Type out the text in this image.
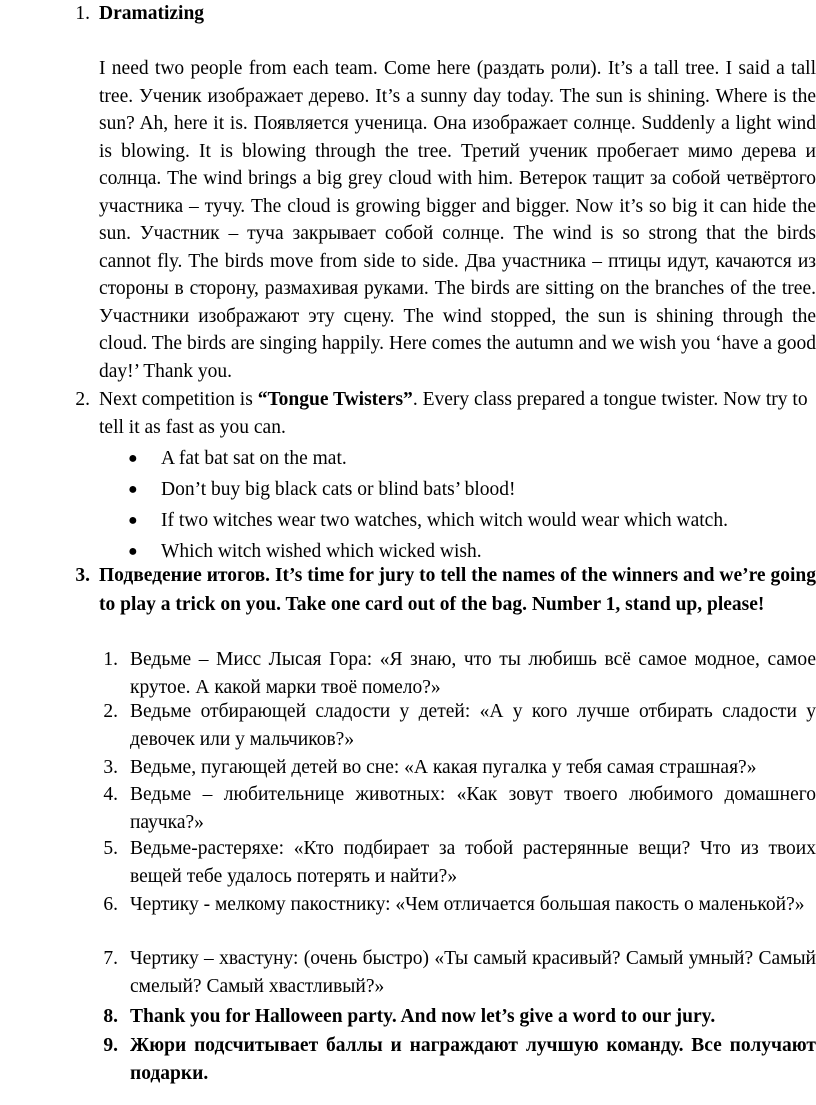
1. Dramatizing
I need two people from each team. Come here (раздать роли). It’s a tall tree. I said a tall tree. Ученик изображает дерево. It’s a sunny day today. The sun is shining. Where is the sun? Ah, here it is. Появляется ученица. Она изображает солнце. Suddenly a light wind is blowing. It is blowing through the tree. Третий ученик пробегает мимо дерева и солнца. The wind brings a big grey cloud with him. Ветерок тащит за собой четвёртого участника – тучу. The cloud is growing bigger and bigger. Now it’s so big it can hide the sun. Участник – туча закрывает собой солнце. The wind is so strong that the birds cannot fly. The birds move from side to side. Два участника – птицы идут, качаются из стороны в сторону, размахивая руками. The birds are sitting on the branches of the tree. Участники изображают эту сцену. The wind stopped, the sun is shining through the cloud. The birds are singing happily. Here comes the autumn and we wish you ‘have a good day!’ Thank you.
2. Next competition is “Tongue Twisters”. Every class prepared a tongue twister. Now try to tell it as fast as you can.
● A fat bat sat on the mat.
● Don’t buy big black cats or blind bats’ blood!
● If two witches wear two watches, which witch would wear which watch.
● Which witch wished which wicked wish.
3. Подведение итогов. It’s time for jury to tell the names of the winners and we’re going to play a trick on you. Take one card out of the bag. Number 1, stand up, please!
1. Ведьме – Мисс Лысая Гора: «Я знаю, что ты любишь всё самое модное, самое крутое. А какой марки твоё помело?»
2. Ведьме отбирающей сладости у детей: «А у кого лучше отбирать сладости у девочек или у мальчиков?»
3. Ведьме, пугающей детей во сне: «А какая пугалка у тебя самая страшная?»
4. Ведьме – любительнице животных: «Как зовут твоего любимого домашнего паучка?»
5. Ведьме-растеряхе: «Кто подбирает за тобой растерянные вещи? Что из твоих вещей тебе удалось потерять и найти?»
6. Чертику - мелкому пакостнику: «Чем отличается большая пакость о маленькой?»
7. Чертику – хвастуну: (очень быстро) «Ты самый красивый? Самый умный? Самый смелый? Самый хвастливый?»
8. Thank you for Halloween party. And now let’s give a word to our jury.
9. Жюри подсчитывает баллы и награждают лучшую команду. Все получают подарки.
